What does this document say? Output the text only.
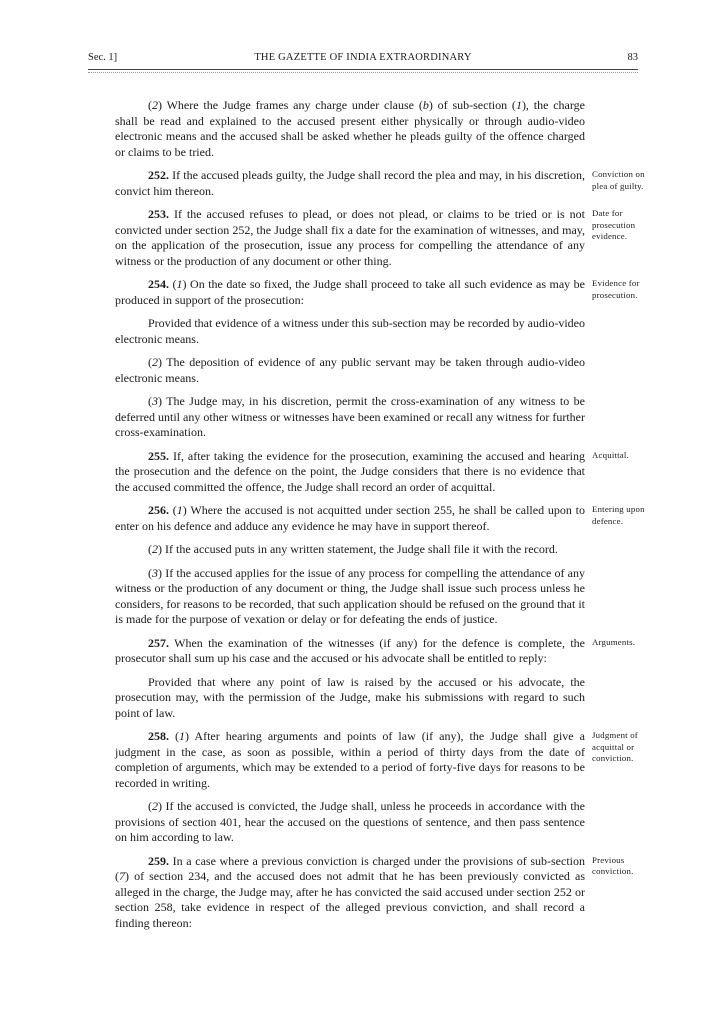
Sec. 1]	THE GAZETTE OF INDIA EXTRAORDINARY	83

(2) Where the Judge frames any charge under clause (b) of sub-section (1), the charge shall be read and explained to the accused present either physically or through audio-video electronic means and the accused shall be asked whether he pleads guilty of the offence charged or claims to be tried.

252. If the accused pleads guilty, the Judge shall record the plea and may, in his discretion, convict him thereon.
Conviction on plea of guilty.

253. If the accused refuses to plead, or does not plead, or claims to be tried or is not convicted under section 252, the Judge shall fix a date for the examination of witnesses, and may, on the application of the prosecution, issue any process for compelling the attendance of any witness or the production of any document or other thing.
Date for prosecution evidence.

254. (1) On the date so fixed, the Judge shall proceed to take all such evidence as may be produced in support of the prosecution:
Evidence for prosecution.

Provided that evidence of a witness under this sub-section may be recorded by audio-video electronic means.

(2) The deposition of evidence of any public servant may be taken through audio-video electronic means.

(3) The Judge may, in his discretion, permit the cross-examination of any witness to be deferred until any other witness or witnesses have been examined or recall any witness for further cross-examination.

255. If, after taking the evidence for the prosecution, examining the accused and hearing the prosecution and the defence on the point, the Judge considers that there is no evidence that the accused committed the offence, the Judge shall record an order of acquittal.
Acquittal.

256. (1) Where the accused is not acquitted under section 255, he shall be called upon to enter on his defence and adduce any evidence he may have in support thereof.
Entering upon defence.

(2) If the accused puts in any written statement, the Judge shall file it with the record.

(3) If the accused applies for the issue of any process for compelling the attendance of any witness or the production of any document or thing, the Judge shall issue such process unless he considers, for reasons to be recorded, that such application should be refused on the ground that it is made for the purpose of vexation or delay or for defeating the ends of justice.

257. When the examination of the witnesses (if any) for the defence is complete, the prosecutor shall sum up his case and the accused or his advocate shall be entitled to reply:
Arguments.

Provided that where any point of law is raised by the accused or his advocate, the prosecution may, with the permission of the Judge, make his submissions with regard to such point of law.

258. (1) After hearing arguments and points of law (if any), the Judge shall give a judgment in the case, as soon as possible, within a period of thirty days from the date of completion of arguments, which may be extended to a period of forty-five days for reasons to be recorded in writing.
Judgment of acquittal or conviction.

(2) If the accused is convicted, the Judge shall, unless he proceeds in accordance with the provisions of section 401, hear the accused on the questions of sentence, and then pass sentence on him according to law.

259. In a case where a previous conviction is charged under the provisions of sub-section (7) of section 234, and the accused does not admit that he has been previously convicted as alleged in the charge, the Judge may, after he has convicted the said accused under section 252 or section 258, take evidence in respect of the alleged previous conviction, and shall record a finding thereon:
Previous conviction.
